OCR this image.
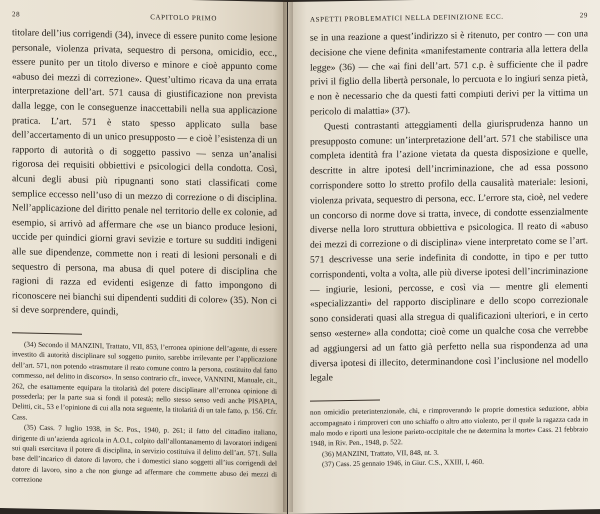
28	CAPITOLO PRIMO

titolare dell’ius corrigendi (34), invece di essere punito come lesione personale, violenza privata, sequestro di persona, omicidio, ecc., essere punito per un titolo diverso e minore e cioè appunto come «abuso dei mezzi di correzione». Quest’ultimo ricava da una errata interpretazione dell’art. 571 causa di giustificazione non prevista dalla legge, con le conseguenze inaccettabili nella sua applicazione pratica. L’art. 571 è stato spesso applicato sulla base dell’accertamento di un unico presupposto — e cioè l’esistenza di un rapporto di autorità o di soggetto passivo — senza un’analisi rigorosa dei requisiti obbiettivi e psicologici della condotta. Così, alcuni degli abusi più ripugnanti sono stati classificati come semplice eccesso nell’uso di un mezzo di correzione o di disciplina. Nell’applicazione del diritto penale nel territorio delle ex colonie, ad esempio, si arrivò ad affermare che «se un bianco produce lesioni, uccide per quindici giorni gravi sevizie e torture su sudditi indigeni alle sue dipendenze, commette non i reati di lesioni personali e di sequestro di persona, ma abusa di quel potere di disciplina che ragioni di razza ed evidenti esigenze di fatto impongono di riconoscere nei bianchi sui dipendenti sudditi di colore» (35). Non ci si deve sorprendere, quindi,

(34) Secondo il MANZINI, Trattato, VII, 853, l’erronea opinione dell’agente, di essere investito di autorità disciplinare sul soggetto punito, sarebbe irrilevante per l’applicazione dell’art. 571, non potendo «trasmutare il reato comune contro la persona, costituito dal fatto commesso, nel delitto in discorso». In senso contrario cfr., invece, VANNINI, Manuale, cit., 262, che esattamente equipara la titolarità del potere disciplinare all’erronea opinione di possederla; per la parte sua si fondi il potestà; nello stesso senso vedi anche PISAPIA, Delitti, cit., 53 e l’opinione di cui alla nota seguente, la titolarità di un tale fatto, p. 156. Cfr. Cass.

(35) Cass. 7 luglio 1938, in Sc. Pos., 1940, p. 261; il fatto del cittadino italiano, dirigente di un’azienda agricola in A.O.I., colpito dall’allontanamento di lavoratori indigeni sui quali esercitava il potere di disciplina, in servizio costituiva il delitto dell’art. 571. Sulla base dell’incarico di datore di lavoro, che i domestici siano soggetti all’ius corrigendi del datore di lavoro, sino a che non giunge ad affermare che commette abuso dei mezzi di correzione

ASPETTI PROBLEMATICI NELLA DEFINIZIONE ECC.	29

se in una reazione a quest’indirizzo si è ritenuto, per contro — con una decisione che viene definita «manifestamente contraria alla lettera della legge» (36) — che «ai fini dell’art. 571 c.p. è sufficiente che il padre privi il figlio della libertà personale, lo percuota e lo ingiuri senza pietà, e non è necessario che da questi fatti compiuti derivi per la vittima un pericolo di malattia» (37).

Questi contrastanti atteggiamenti della giurisprudenza hanno un presupposto comune: un’interpretazione dell’art. 571 che stabilisce una completa identità fra l’azione vietata da questa disposizione e quelle, descritte in altre ipotesi dell’incriminazione, che ad essa possono corrispondere sotto lo stretto profilo della causalità materiale: lesioni, violenza privata, sequestro di persona, ecc. L’errore sta, cioè, nel vedere un concorso di norme dove si tratta, invece, di condotte essenzialmente diverse nella loro struttura obbiettiva e psicologica. Il reato di «abuso dei mezzi di correzione o di disciplina» viene interpretato come se l’art. 571 descrivesse una serie indefinita di condotte, in tipo e per tutto corrispondenti, volta a volta, alle più diverse ipotesi dell’incriminazione — ingiurie, lesioni, percosse, e così via — mentre gli elementi «specializzanti» del rapporto disciplinare e dello scopo correzionale sono considerati quasi alla stregua di qualificazioni ulteriori, e in certo senso «esterne» alla condotta; cioè come un qualche cosa che verrebbe ad aggiungersi ad un fatto già perfetto nella sua rispondenza ad una diversa ipotesi di illecito, determinandone così l’inclusione nel modello legale

non omicidio preterintenzionale, chi, e rimproverando le proprie domestica seduzione, abbia accompagnato i rimproveri con uno schiaffo o altro atto violento, per il quale la ragazza cada in malo modo e riporti una lesione parieto-occipitale che ne determina la morte» Cass. 21 febbraio 1948, in Riv. Pen., 1948, p. 522.

(36) MANZINI, Trattato, VII, 848, nt. 3.

(37) Cass. 25 gennaio 1946, in Giur. C.S., XXIII, I, 460.
